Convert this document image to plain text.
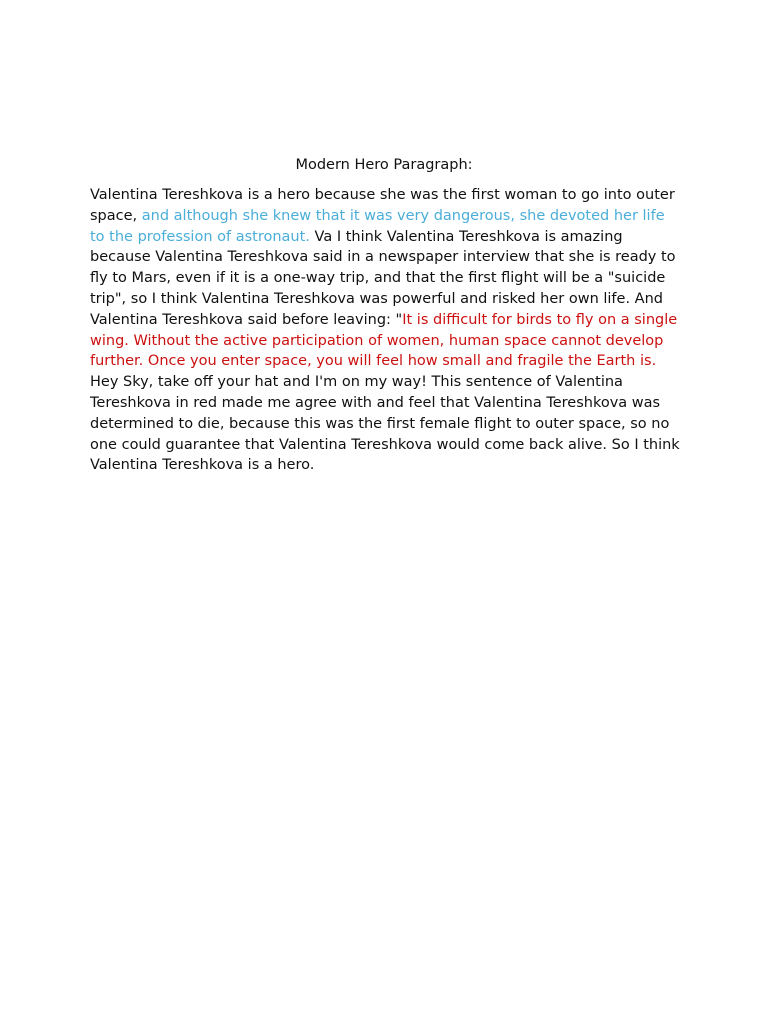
Modern Hero Paragraph:

Valentina Tereshkova is a hero because she was the first woman to go into outer space, and although she knew that it was very dangerous, she devoted her life to the profession of astronaut. Va I think Valentina Tereshkova is amazing because Valentina Tereshkova said in a newspaper interview that she is ready to fly to Mars, even if it is a one-way trip, and that the first flight will be a "suicide trip", so I think Valentina Tereshkova was powerful and risked her own life. And Valentina Tereshkova said before leaving: "It is difficult for birds to fly on a single wing. Without the active participation of women, human space cannot develop further. Once you enter space, you will feel how small and fragile the Earth is. Hey Sky, take off your hat and I'm on my way! This sentence of Valentina Tereshkova in red made me agree with and feel that Valentina Tereshkova was determined to die, because this was the first female flight to outer space, so no one could guarantee that Valentina Tereshkova would come back alive. So I think Valentina Tereshkova is a hero.
